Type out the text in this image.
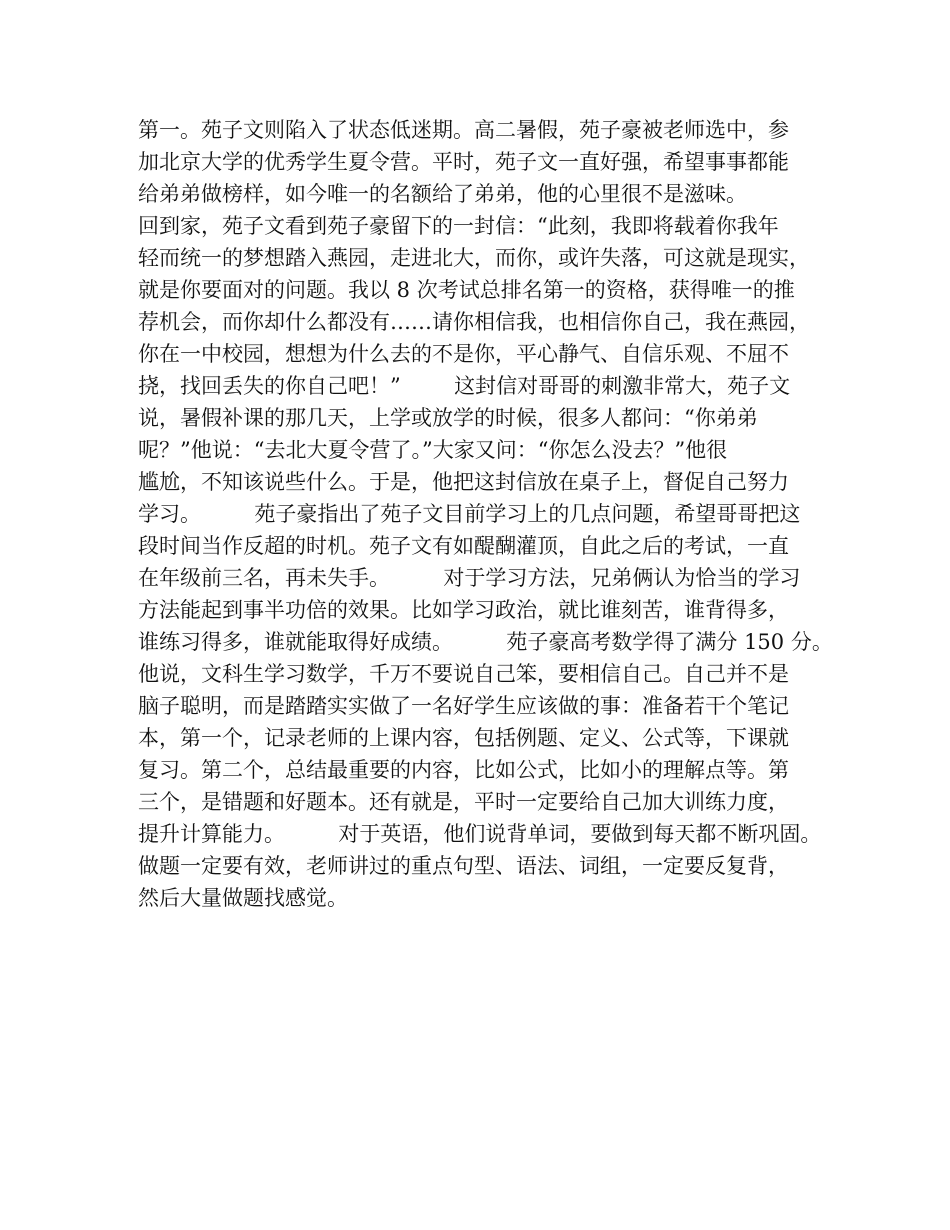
第一。苑子文则陷入了状态低迷期。高二暑假，苑子豪被老师选中，参
加北京大学的优秀学生夏令营。平时，苑子文一直好强，希望事事都能
给弟弟做榜样，如今唯一的名额给了弟弟，他的心里很不是滋味。
回到家，苑子文看到苑子豪留下的一封信：“此刻，我即将载着你我年
轻而统一的梦想踏入燕园，走进北大，而你，或许失落，可这就是现实，
就是你要面对的问题。我以 8 次考试总排名第一的资格，获得唯一的推
荐机会，而你却什么都没有……请你相信我，也相信你自己，我在燕园，
你在一中校园，想想为什么去的不是你，平心静气、自信乐观、不屈不
挠，找回丢失的你自己吧！”        这封信对哥哥的刺激非常大，苑子文
说，暑假补课的那几天，上学或放学的时候，很多人都问：“你弟弟
呢？”他说：“去北大夏令营了。”大家又问：“你怎么没去？”他很
尴尬，不知该说些什么。于是，他把这封信放在桌子上，督促自己努力
学习。        苑子豪指出了苑子文目前学习上的几点问题，希望哥哥把这
段时间当作反超的时机。苑子文有如醍醐灌顶，自此之后的考试，一直
在年级前三名，再未失手。        对于学习方法，兄弟俩认为恰当的学习
方法能起到事半功倍的效果。比如学习政治，就比谁刻苦，谁背得多，
谁练习得多，谁就能取得好成绩。        苑子豪高考数学得了满分 150 分。
他说，文科生学习数学，千万不要说自己笨，要相信自己。自己并不是
脑子聪明，而是踏踏实实做了一名好学生应该做的事：准备若干个笔记
本，第一个，记录老师的上课内容，包括例题、定义、公式等，下课就
复习。第二个，总结最重要的内容，比如公式，比如小的理解点等。第
三个，是错题和好题本。还有就是，平时一定要给自己加大训练力度，
提升计算能力。        对于英语，他们说背单词，要做到每天都不断巩固。
做题一定要有效，老师讲过的重点句型、语法、词组，一定要反复背，
然后大量做题找感觉。
